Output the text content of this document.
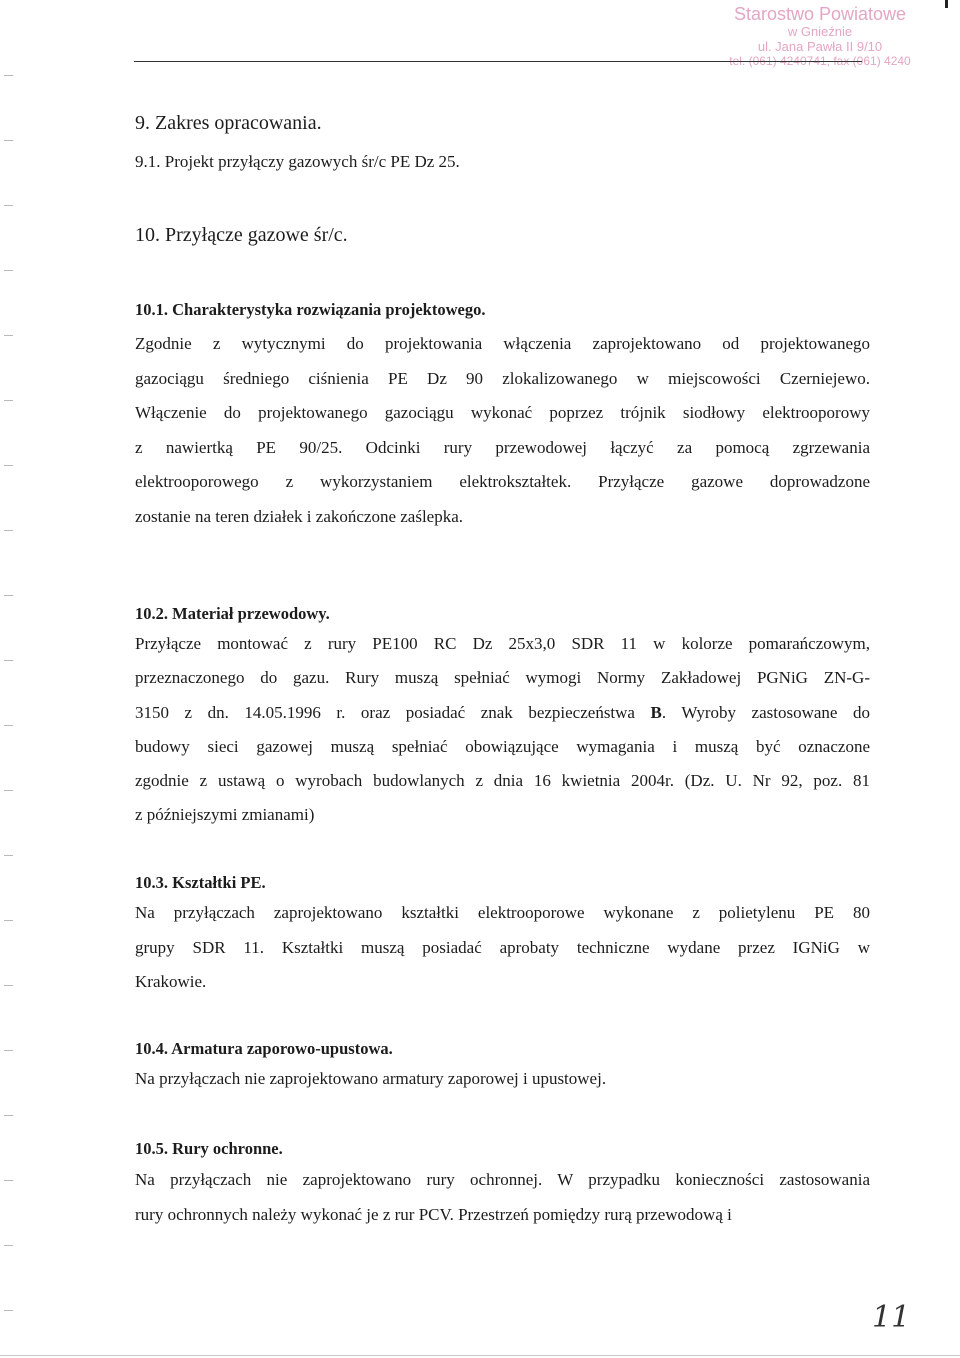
Starostwo Powiatowe
w Gnieźnie
ul. Jana Pawła II 9/10
tel. (061) 4240741, fax (061) 4240
9. Zakres opracowania.
9.1. Projekt przyłączy gazowych śr/c PE Dz 25.
10. Przyłącze gazowe śr/c.
10.1. Charakterystyka rozwiązania projektowego.
Zgodnie z wytycznymi do projektowania włączenia zaprojektowano od projektowanego
gazociągu średniego ciśnienia PE Dz 90 zlokalizowanego w miejscowości Czerniejewo.
Włączenie do projektowanego gazociągu wykonać poprzez trójnik siodłowy elektrooporowy
z nawiertką PE 90/25. Odcinki rury przewodowej łączyć za pomocą zgrzewania
elektrooporowego z wykorzystaniem elektrokształtek. Przyłącze gazowe doprowadzone
zostanie na teren działek i zakończone zaślepka.
10.2. Materiał przewodowy.
Przyłącze montować z rury PE100 RC Dz 25x3,0 SDR 11 w kolorze pomarańczowym,
przeznaczonego do gazu. Rury muszą spełniać wymogi Normy Zakładowej PGNiG ZN-G-
3150 z dn. 14.05.1996 r. oraz posiadać znak bezpieczeństwa B. Wyroby zastosowane do
budowy sieci gazowej muszą spełniać obowiązujące wymagania i muszą być oznaczone
zgodnie z ustawą o wyrobach budowlanych z dnia 16 kwietnia 2004r. (Dz. U. Nr 92, poz. 81
z późniejszymi zmianami)
10.3. Kształtki PE.
Na przyłączach zaprojektowano kształtki elektrooporowe wykonane z polietylenu PE 80
grupy SDR 11. Kształtki muszą posiadać aprobaty techniczne wydane przez IGNiG w
Krakowie.
10.4. Armatura zaporowo-upustowa.
Na przyłączach nie zaprojektowano armatury zaporowej i upustowej.
10.5. Rury ochronne.
Na przyłączach nie zaprojektowano rury ochronnej. W przypadku konieczności zastosowania
rury ochronnych należy wykonać je z rur PCV. Przestrzeń pomiędzy rurą przewodową i
11
